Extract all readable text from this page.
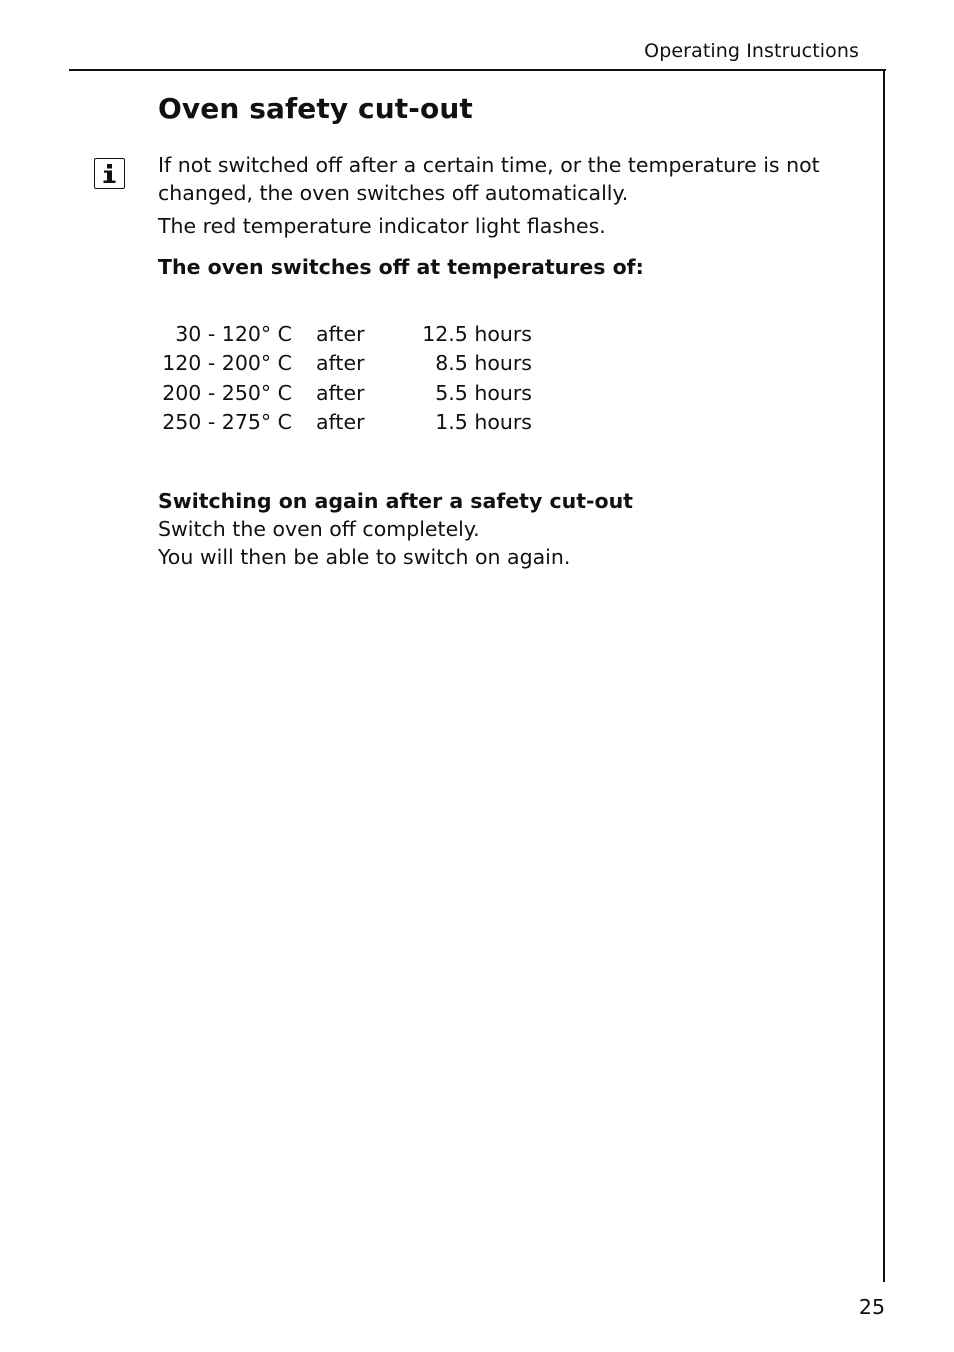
Operating Instructions
Oven safety cut-out
If not switched off after a certain time, or the temperature is not changed, the oven switches off automatically.
The red temperature indicator light flashes.
The oven switches off at temperatures of:
30 - 120° C after	12.5 hours
120 - 200° C after	8.5 hours
200 - 250° C after	5.5 hours
250 - 275° C after	1.5 hours
Switching on again after a safety cut-out
Switch the oven off completely.
You will then be able to switch on again.
25
